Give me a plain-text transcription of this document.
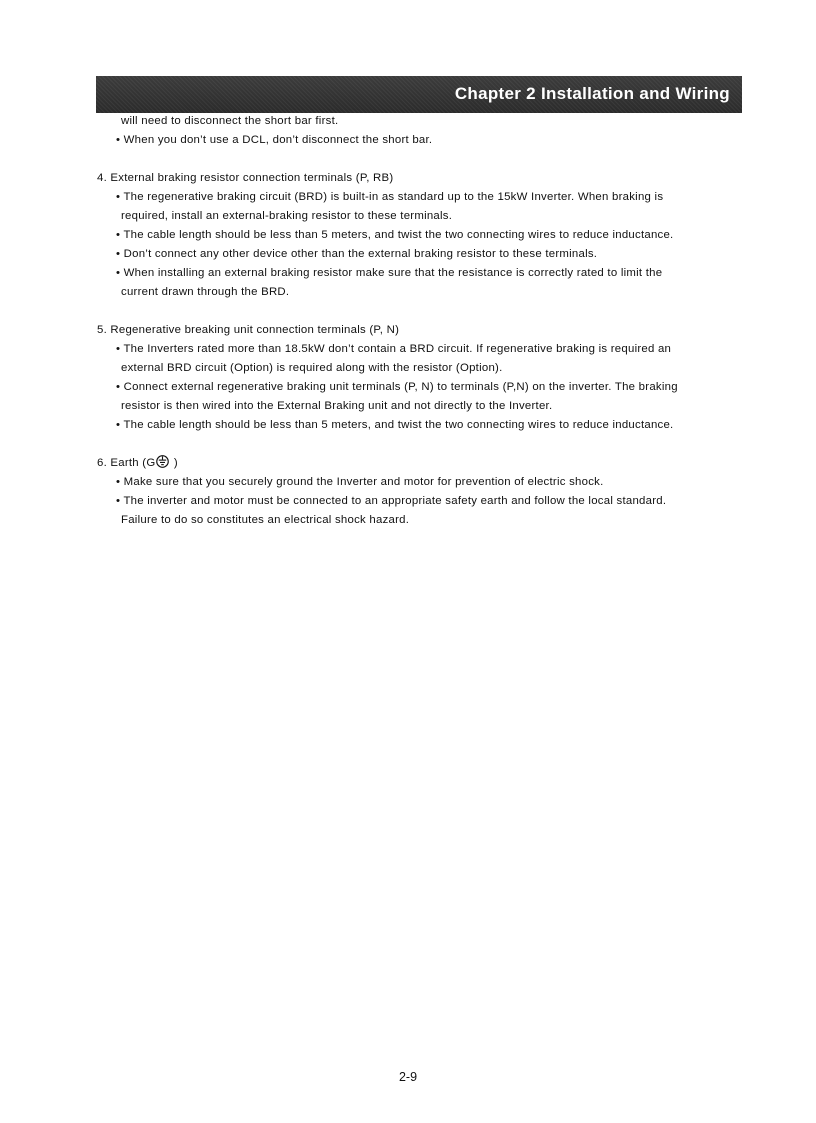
Chapter 2 Installation and Wiring
will need to disconnect the short bar first.
• When you don’t use a DCL, don’t disconnect the short bar.
4. External braking resistor connection terminals (P, RB)
• The regenerative braking circuit (BRD) is built-in as standard up to the 15kW Inverter. When braking is
required, install an external-braking resistor to these terminals.
• The cable length should be less than 5 meters, and twist the two connecting wires to reduce inductance.
• Don’t connect any other device other than the external braking resistor to these terminals.
• When installing an external braking resistor make sure that the resistance is correctly rated to limit the
current drawn through the BRD.
5. Regenerative breaking unit connection terminals (P, N)
• The Inverters rated more than 18.5kW don’t contain a BRD circuit. If regenerative braking is required an
external BRD circuit (Option) is required along with the resistor (Option).
• Connect external regenerative braking unit terminals (P, N) to terminals (P,N) on the inverter. The braking
resistor is then wired into the External Braking unit and not directly to the Inverter.
• The cable length should be less than 5 meters, and twist the two connecting wires to reduce inductance.
6. Earth (G )
• Make sure that you securely ground the Inverter and motor for prevention of electric shock.
• The inverter and motor must be connected to an appropriate safety earth and follow the local standard.
Failure to do so constitutes an electrical shock hazard.
2-9
